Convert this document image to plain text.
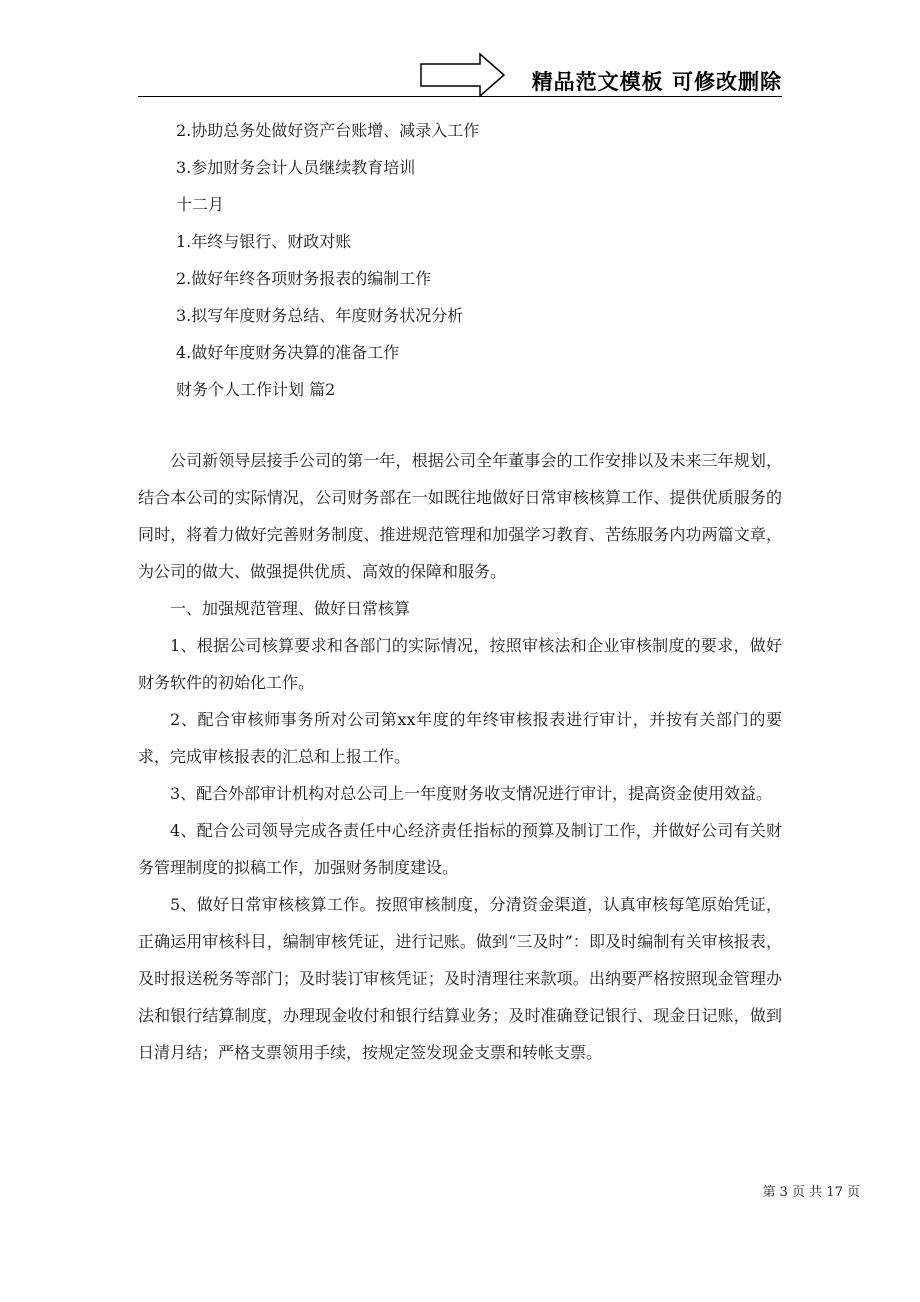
精品范文模板 可修改删除
2.协助总务处做好资产台账增、减录入工作
3.参加财务会计人员继续教育培训
十二月
1.年终与银行、财政对账
2.做好年终各项财务报表的编制工作
3.拟写年度财务总结、年度财务状况分析
4.做好年度财务决算的准备工作
财务个人工作计划 篇2

公司新领导层接手公司的第一年，根据公司全年董事会的工作安排以及未来三年规划，结合本公司的实际情况，公司财务部在一如既往地做好日常审核核算工作、提供优质服务的同时，将着力做好完善财务制度、推进规范管理和加强学习教育、苦练服务内功两篇文章，为公司的做大、做强提供优质、高效的保障和服务。

一、加强规范管理、做好日常核算

1、根据公司核算要求和各部门的实际情况，按照审核法和企业审核制度的要求，做好财务软件的初始化工作。

2、配合审核师事务所对公司第xx年度的年终审核报表进行审计，并按有关部门的要求，完成审核报表的汇总和上报工作。

3、配合外部审计机构对总公司上一年度财务收支情况进行审计，提高资金使用效益。

4、配合公司领导完成各责任中心经济责任指标的预算及制订工作，并做好公司有关财务管理制度的拟稿工作，加强财务制度建设。

5、做好日常审核核算工作。按照审核制度，分清资金渠道，认真审核每笔原始凭证，正确运用审核科目，编制审核凭证，进行记账。做到“三及时”：即及时编制有关审核报表，及时报送税务等部门；及时装订审核凭证；及时清理往来款项。出纳要严格按照现金管理办法和银行结算制度，办理现金收付和银行结算业务；及时准确登记银行、现金日记账，做到日清月结；严格支票领用手续，按规定签发现金支票和转帐支票。

第 3 页 共 17 页
